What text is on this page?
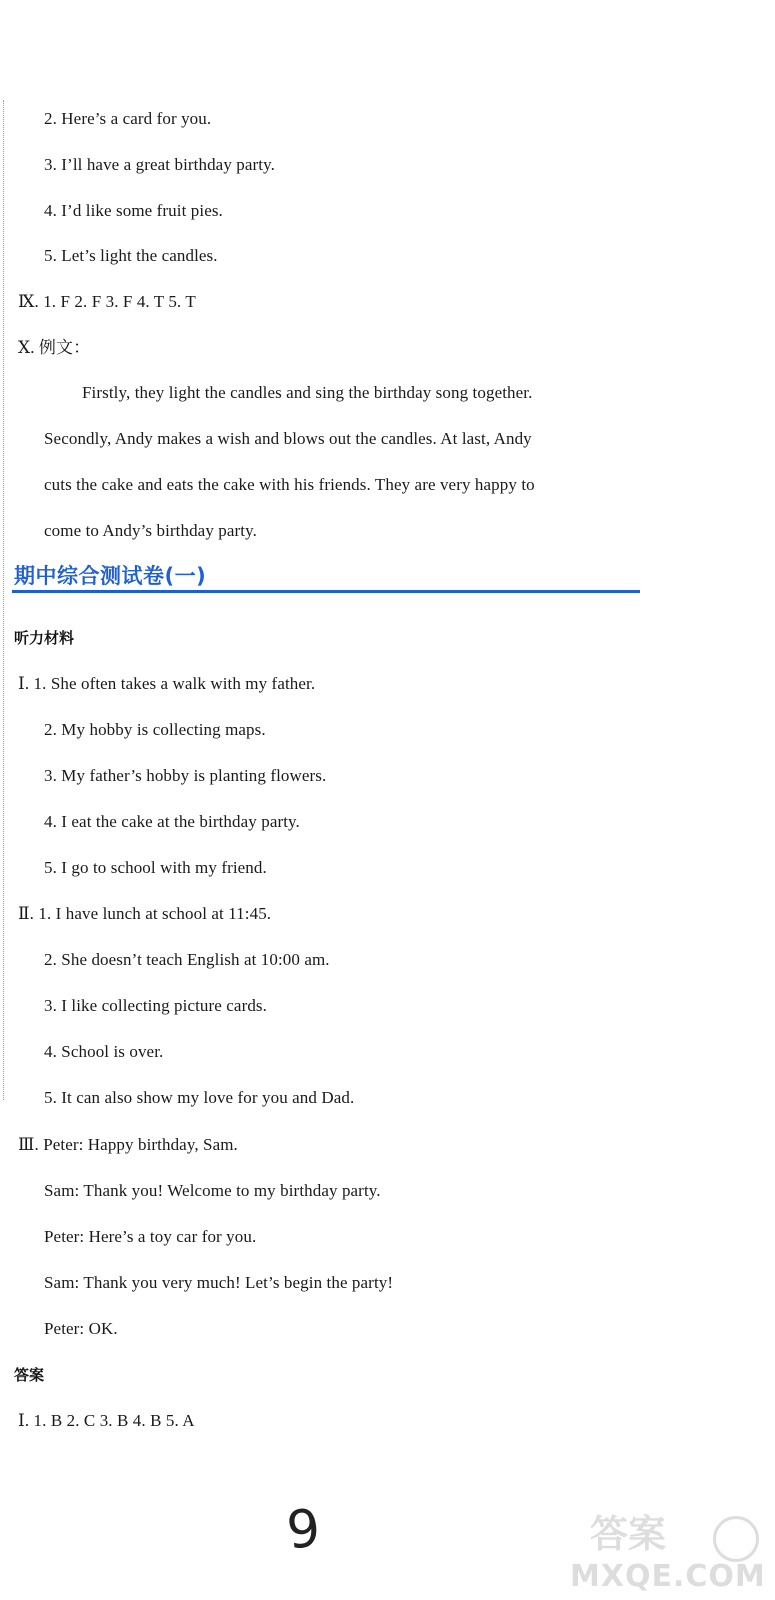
2. Here’s a card for you.
3. I’ll have a great birthday party.
4. I’d like some fruit pies.
5. Let’s light the candles.
Ⅸ. 1. F 2. F 3. F 4. T 5. T
Ⅹ. 例文：
Firstly, they light the candles and sing the birthday song together.
Secondly, Andy makes a wish and blows out the candles. At last, Andy
cuts the cake and eats the cake with his friends. They are very happy to
come to Andy’s birthday party.
期中综合测试卷(一)
听力材料
Ⅰ. 1. She often takes a walk with my father.
2. My hobby is collecting maps.
3. My father’s hobby is planting flowers.
4. I eat the cake at the birthday party.
5. I go to school with my friend.
Ⅱ. 1. I have lunch at school at 11:45.
2. She doesn’t teach English at 10:00 am.
3. I like collecting picture cards.
4. School is over.
5. It can also show my love for you and Dad.
Ⅲ. Peter: Happy birthday, Sam.
Sam: Thank you! Welcome to my birthday party.
Peter: Here’s a toy car for you.
Sam: Thank you very much! Let’s begin the party!
Peter: OK.
答案
Ⅰ. 1. B 2. C 3. B 4. B 5. A
9	答案
MXQE.COM
